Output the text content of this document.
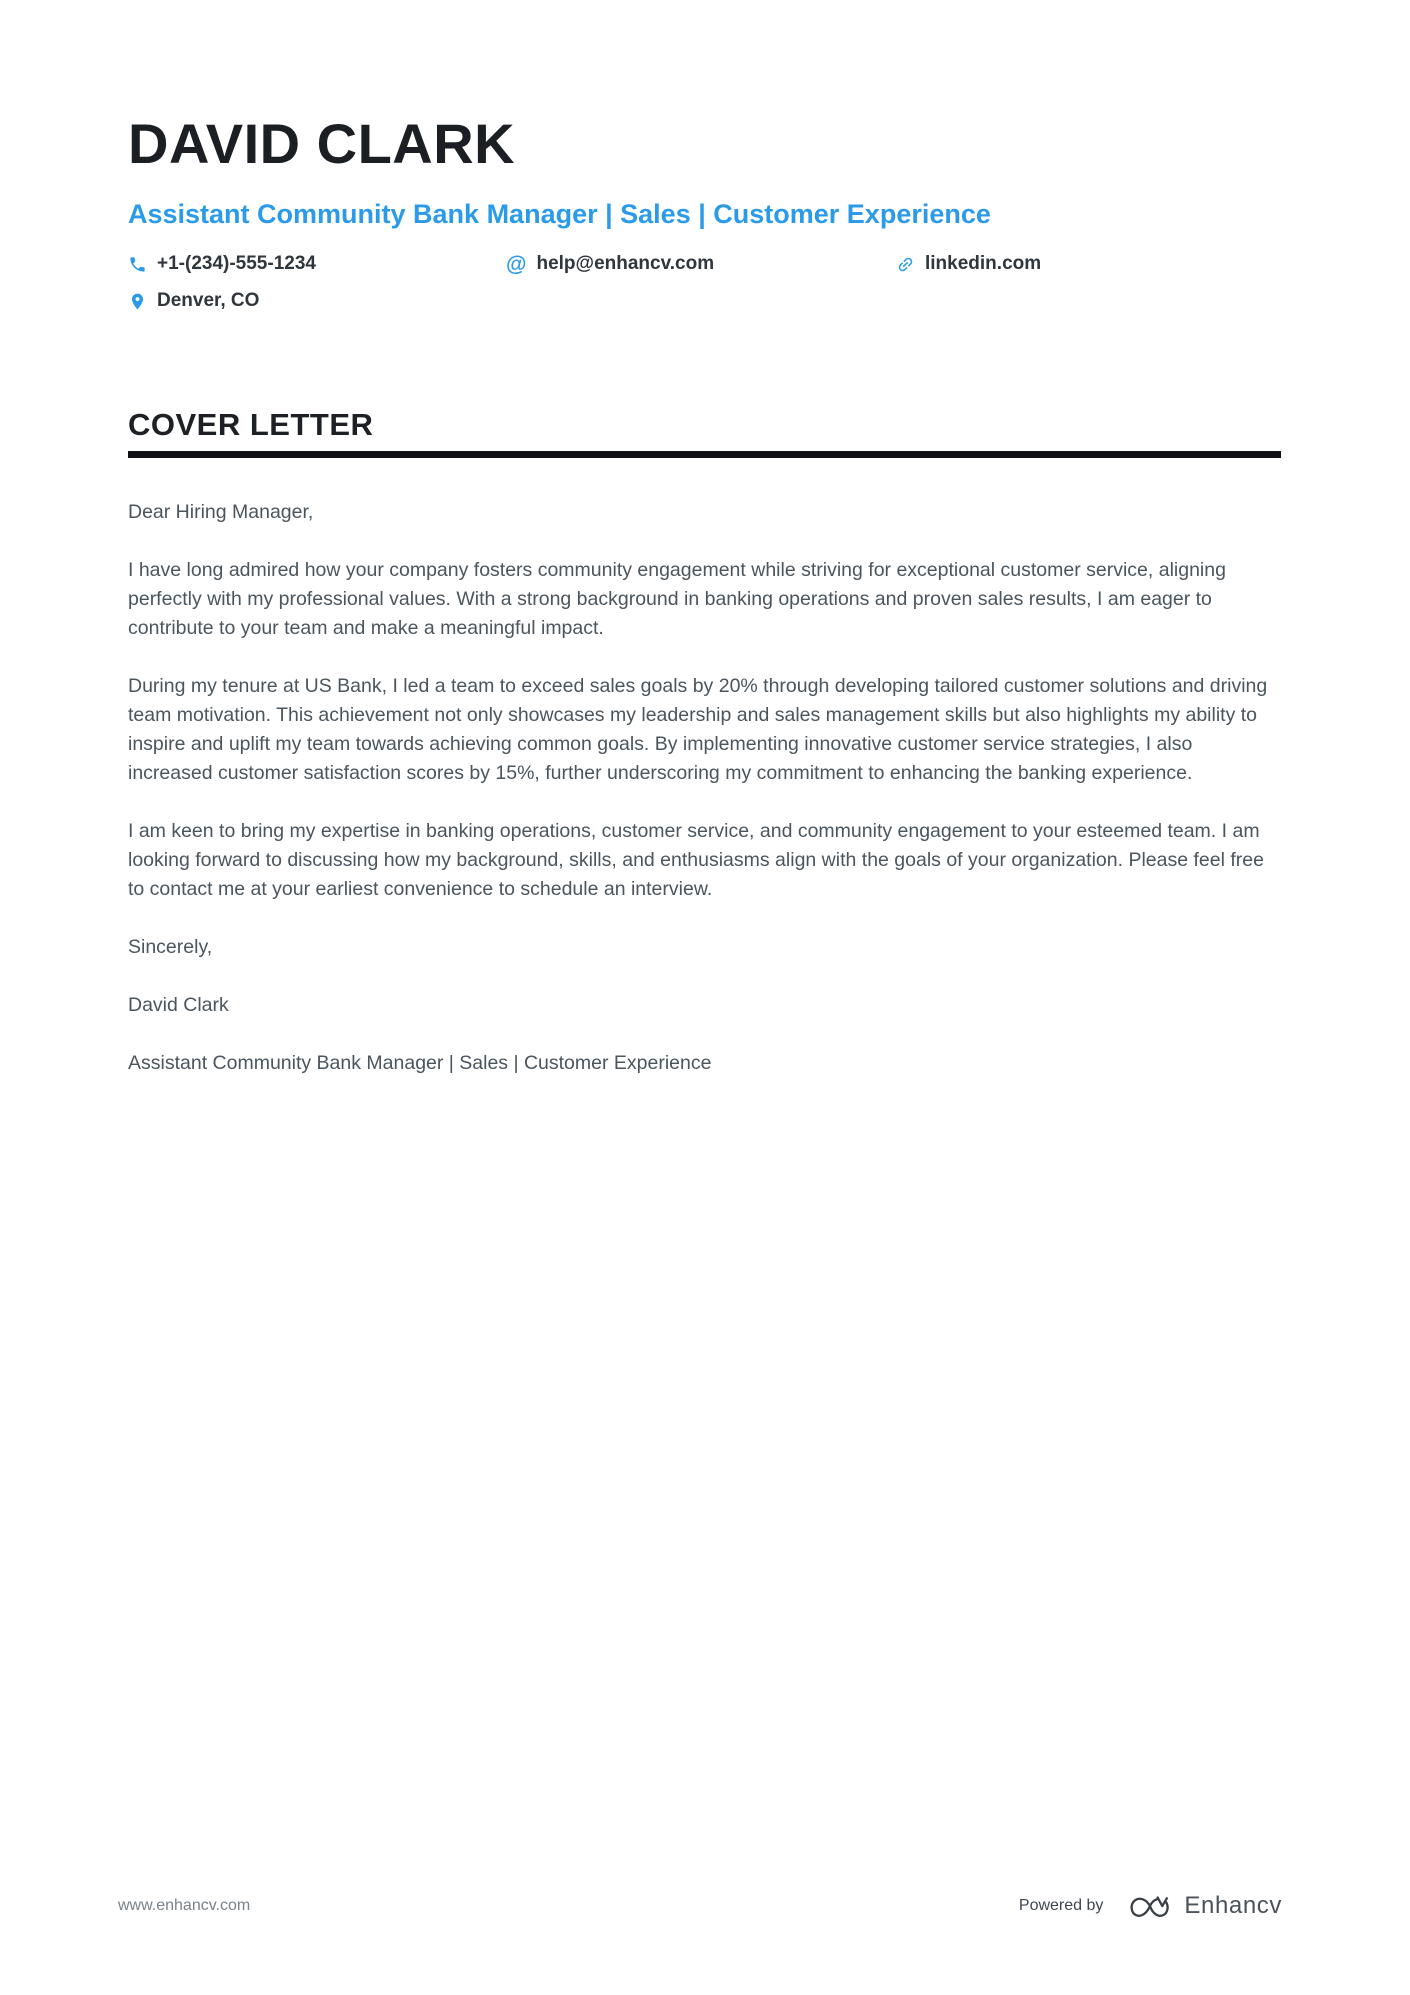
DAVID CLARK
Assistant Community Bank Manager | Sales | Customer Experience
+1-(234)-555-1234	@ help@enhancv.com	linkedin.com
Denver, CO
COVER LETTER

Dear Hiring Manager,

I have long admired how your company fosters community engagement while striving for exceptional customer service, aligning perfectly with my professional values. With a strong background in banking operations and proven sales results, I am eager to contribute to your team and make a meaningful impact.

During my tenure at US Bank, I led a team to exceed sales goals by 20% through developing tailored customer solutions and driving team motivation. This achievement not only showcases my leadership and sales management skills but also highlights my ability to inspire and uplift my team towards achieving common goals. By implementing innovative customer service strategies, I also increased customer satisfaction scores by 15%, further underscoring my commitment to enhancing the banking experience.

I am keen to bring my expertise in banking operations, customer service, and community engagement to your esteemed team. I am looking forward to discussing how my background, skills, and enthusiasms align with the goals of your organization. Please feel free to contact me at your earliest convenience to schedule an interview.

Sincerely,

David Clark

Assistant Community Bank Manager | Sales | Customer Experience

www.enhancv.com	Powered by	Enhancv
